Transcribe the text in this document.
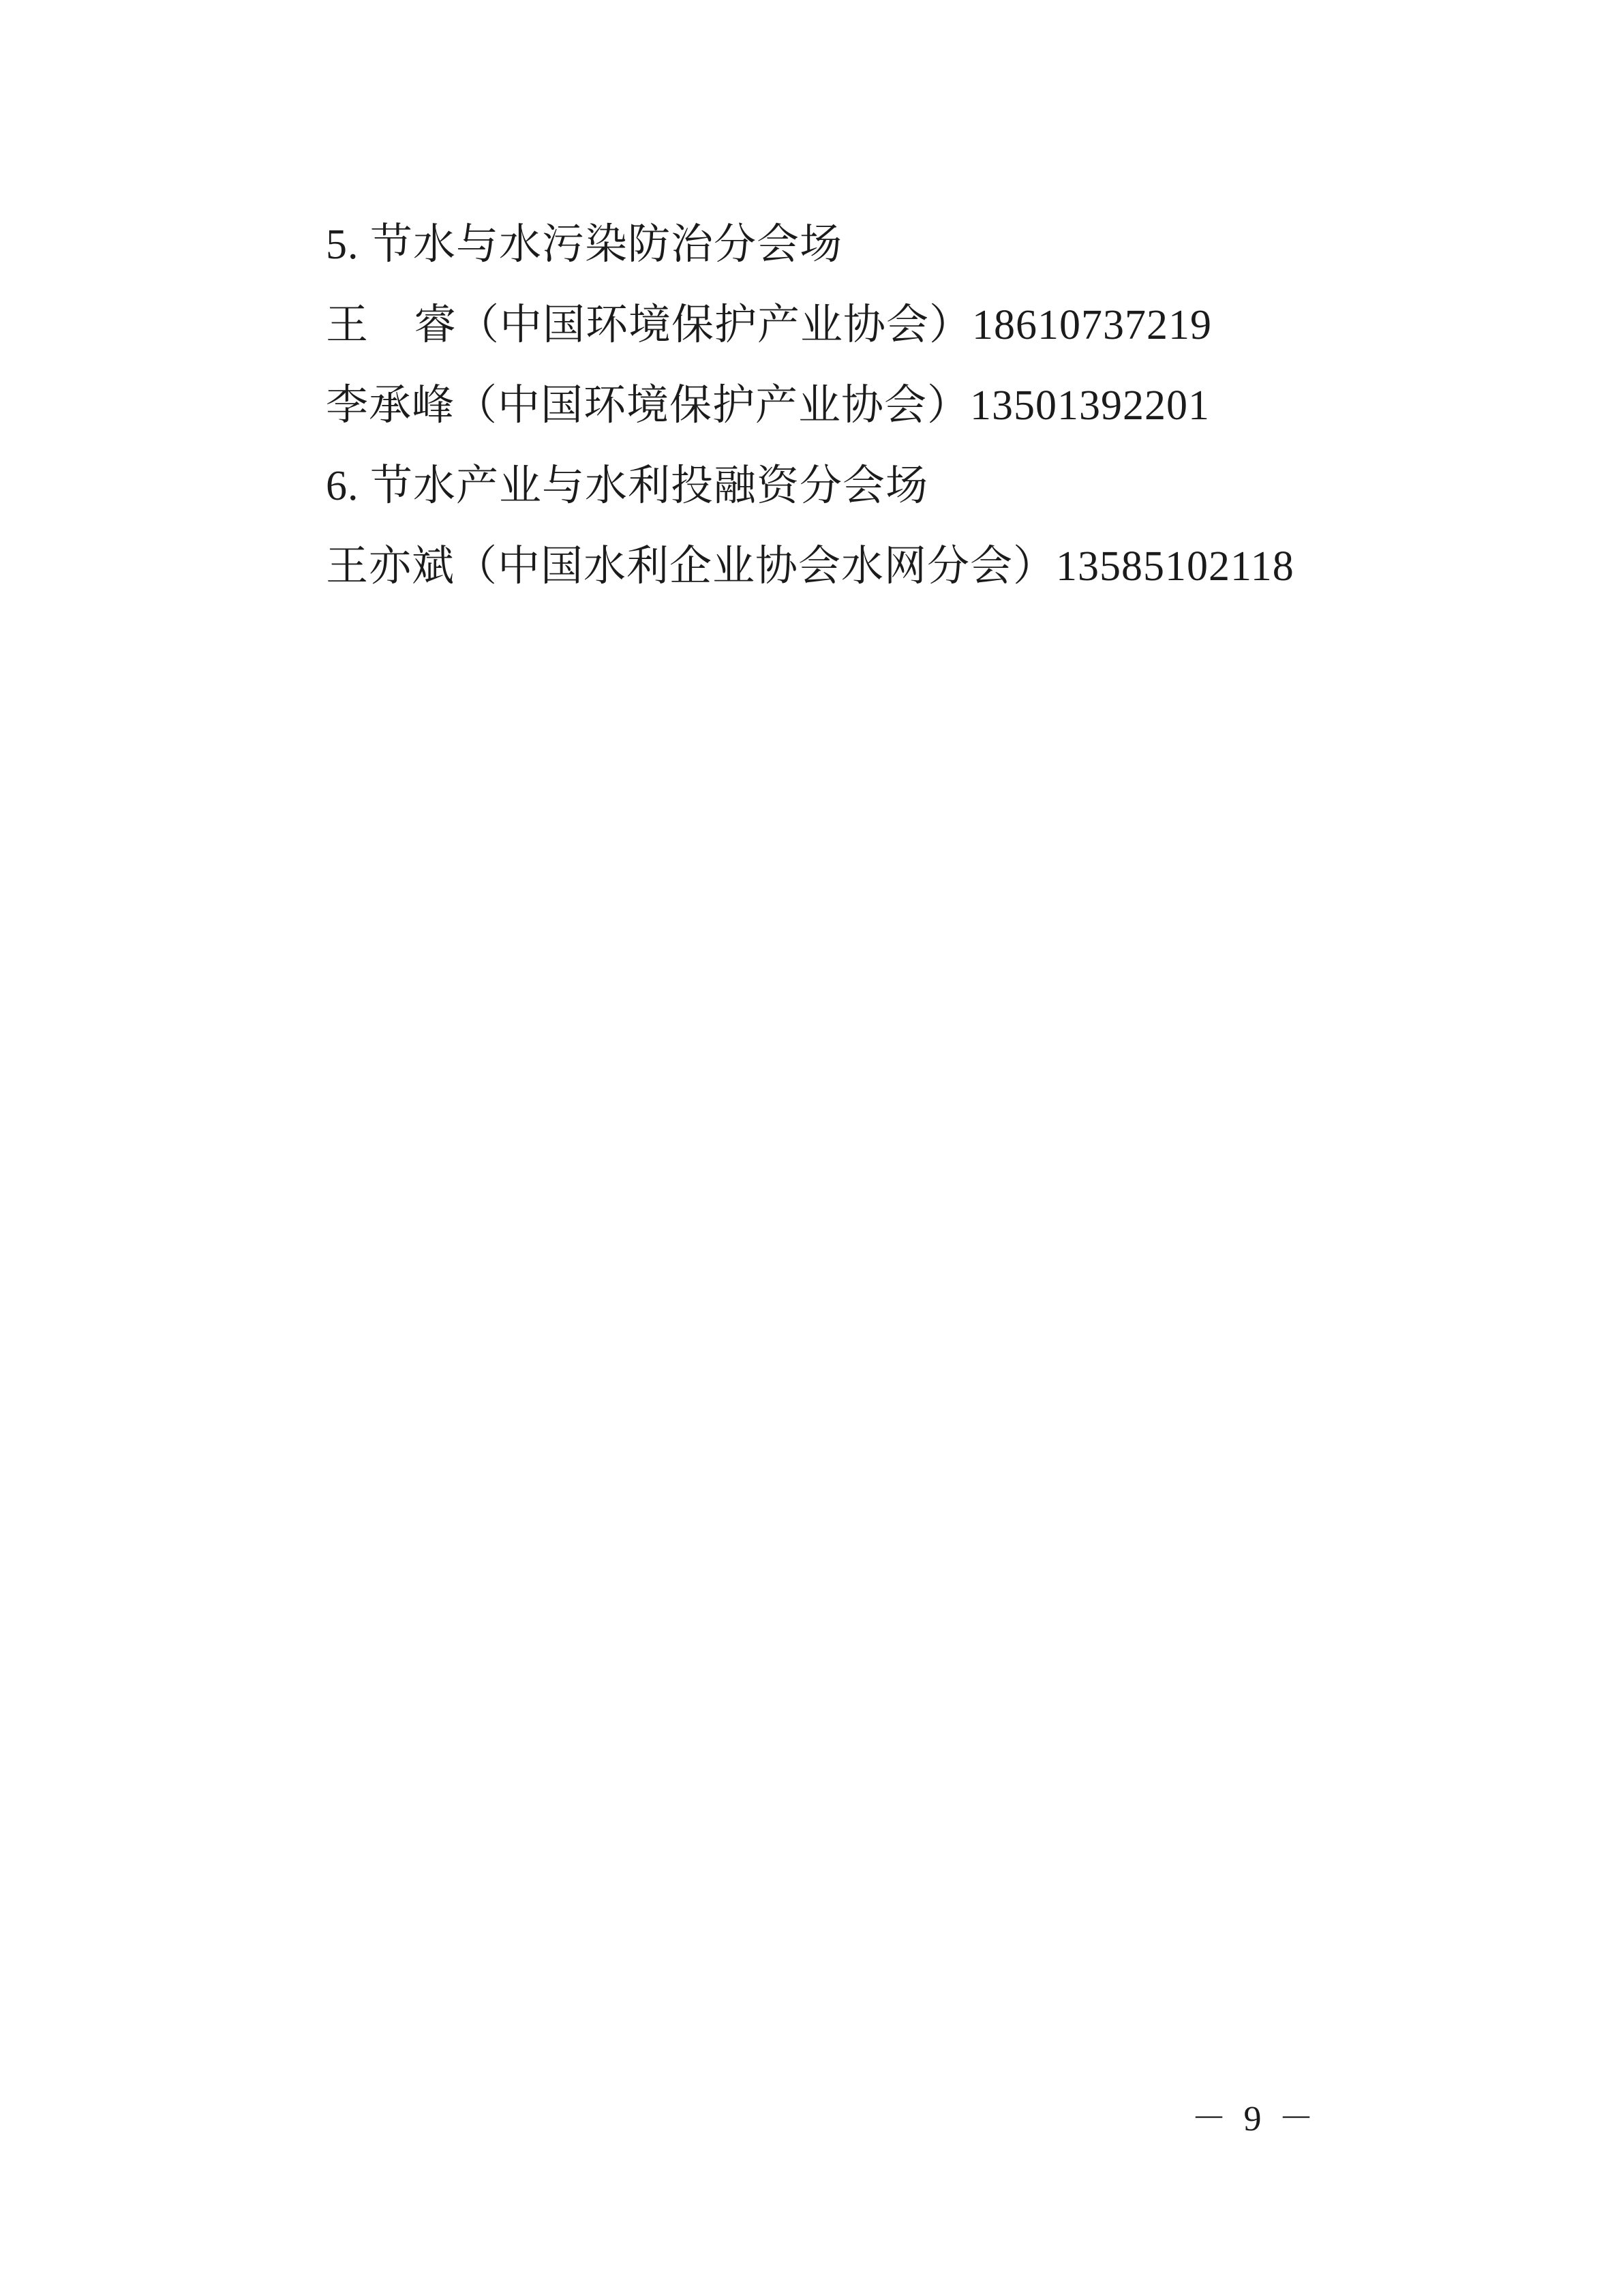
5. 节水与水污染防治分会场
王    睿（中国环境保护产业协会）18610737219
李承峰（中国环境保护产业协会）13501392201
6. 节水产业与水利投融资分会场
王亦斌（中国水利企业协会水网分会）13585102118
－ 9 －
